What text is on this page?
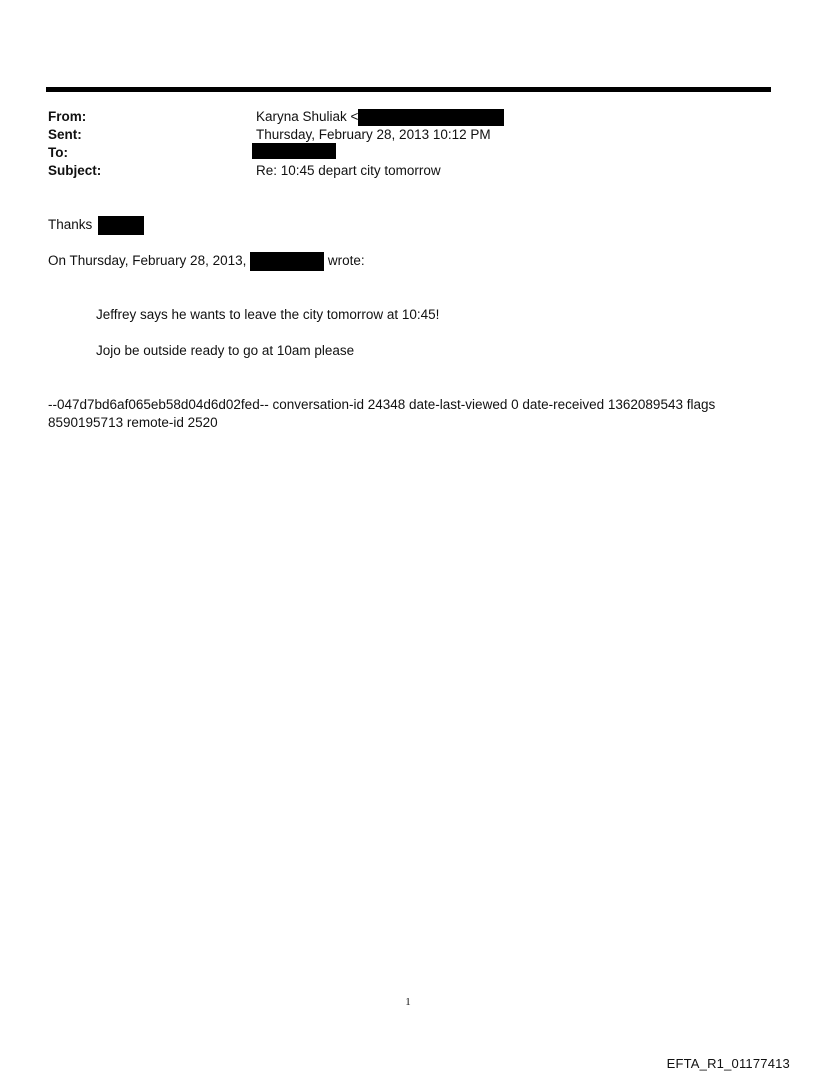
From:	Karyna Shuliak <
Sent:	Thursday, February 28, 2013 10:12 PM
To:
Subject:	Re: 10:45 depart city tomorrow
Thanks
On Thursday, February 28, 2013,	wrote:
Jeffrey says he wants to leave the city tomorrow at 10:45!
Jojo be outside ready to go at 10am please
--047d7bd6af065eb58d04d6d02fed-- conversation-id 24348 date-last-viewed 0 date-received 1362089543 flags
8590195713 remote-id 2520
1
EFTA_R1_01177413
